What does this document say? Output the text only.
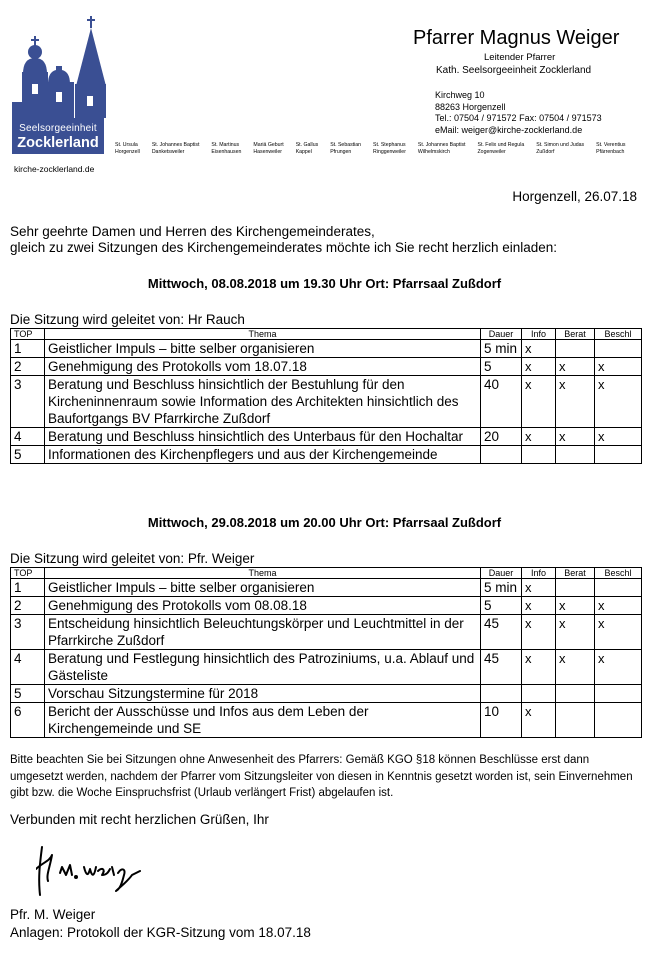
Seelsorgeeinheit
Zocklerland
kirche-zocklerland.de
St. Ursula
Horgenzell
St. Johannes Baptist
Danketsweiler
St. Martinus
Eisenhausen
Mariä Geburt
Hasenweiler
St. Gallus
Kappel
St. Sebastian
Pfrungen
St. Stephanus
Ringgenweiler
St. Johannes Baptist
Wilhelmskirch
St. Felix und Regula
Zogenweiler
St. Simon und Judas
Zußdorf
St. Verentius
Pfärrenbach
Pfarrer Magnus Weiger
Leitender Pfarrer
Kath. Seelsorgeeinheit Zocklerland
Kirchweg 10
88263 Horgenzell
Tel.: 07504 / 971572 Fax: 07504 / 971573
eMail: weiger@kirche-zocklerland.de
Horgenzell, 26.07.18
Sehr geehrte Damen und Herren des Kirchengemeinderates,
gleich zu zwei Sitzungen des Kirchengemeinderates möchte ich Sie recht herzlich einladen:
Mittwoch, 08.08.2018 um 19.30 Uhr Ort: Pfarrsaal Zußdorf
Die Sitzung wird geleitet von: Hr Rauch
TOP	Thema	Dauer	Info	Berat	Beschl
1	Geistlicher Impuls – bitte selber organisieren	5 min	x		
2	Genehmigung des Protokolls vom 18.07.18	5	x	x	x
3	Beratung und Beschluss hinsichtlich der Bestuhlung für den Kircheninnenraum sowie Information des Architekten hinsichtlich des Baufortgangs BV Pfarrkirche Zußdorf	40	x	x	x
4	Beratung und Beschluss hinsichtlich des Unterbaus für den Hochaltar	20	x	x	x
5	Informationen des Kirchenpflegers und aus der Kirchengemeinde				
Mittwoch, 29.08.2018 um 20.00 Uhr Ort: Pfarrsaal Zußdorf
Die Sitzung wird geleitet von: Pfr. Weiger
TOP	Thema	Dauer	Info	Berat	Beschl
1	Geistlicher Impuls – bitte selber organisieren	5 min	x		
2	Genehmigung des Protokolls vom 08.08.18	5	x	x	x
3	Entscheidung hinsichtlich Beleuchtungskörper und Leuchtmittel in der Pfarrkirche Zußdorf	45	x	x	x
4	Beratung und Festlegung hinsichtlich des Patroziniums, u.a. Ablauf und Gästeliste	45	x	x	x
5	Vorschau Sitzungstermine für 2018				
6	Bericht der Ausschüsse und Infos aus dem Leben der Kirchengemeinde und SE	10	x		
Bitte beachten Sie bei Sitzungen ohne Anwesenheit des Pfarrers: Gemäß KGO §18 können Beschlüsse erst dann umgesetzt werden, nachdem der Pfarrer vom Sitzungsleiter von diesen in Kenntnis gesetzt worden ist, sein Einvernehmen gibt bzw. die Woche Einspruchsfrist (Urlaub verlängert Frist) abgelaufen ist.
Verbunden mit recht herzlichen Grüßen, Ihr
Pfr. M. Weiger
Anlagen: Protokoll der KGR-Sitzung vom 18.07.18
